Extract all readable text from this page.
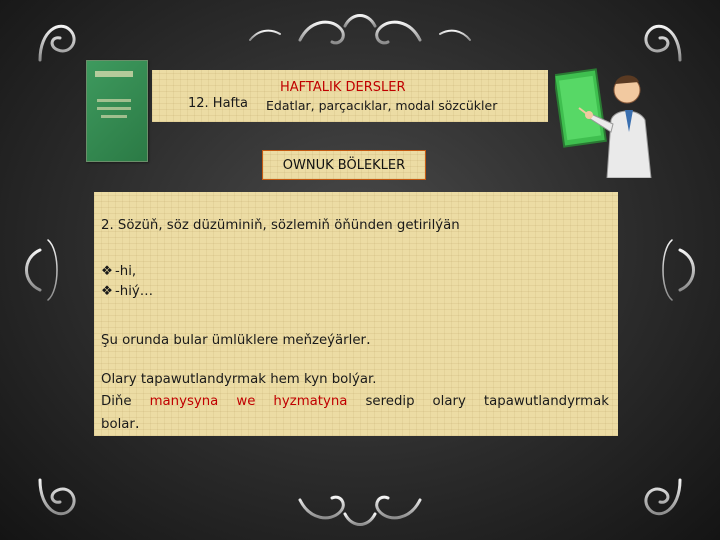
12. Hafta
HAFTALIK DERSLER
Edatlar, parçacıklar, modal sözcükler
OWNUK BÖLEKLER
2. Sözüň, söz düzüminiň, sözlemiň öňünden getirilýän
❖ -hi,
❖ -hiý…
Şu orunda bular ümlüklere meňzeýärler.
Olary tapawutlandyrmak hem kyn bolýar.
Diňe manysyna we hyzmatyna seredip olary tapawutlandyrmak
bolar.
